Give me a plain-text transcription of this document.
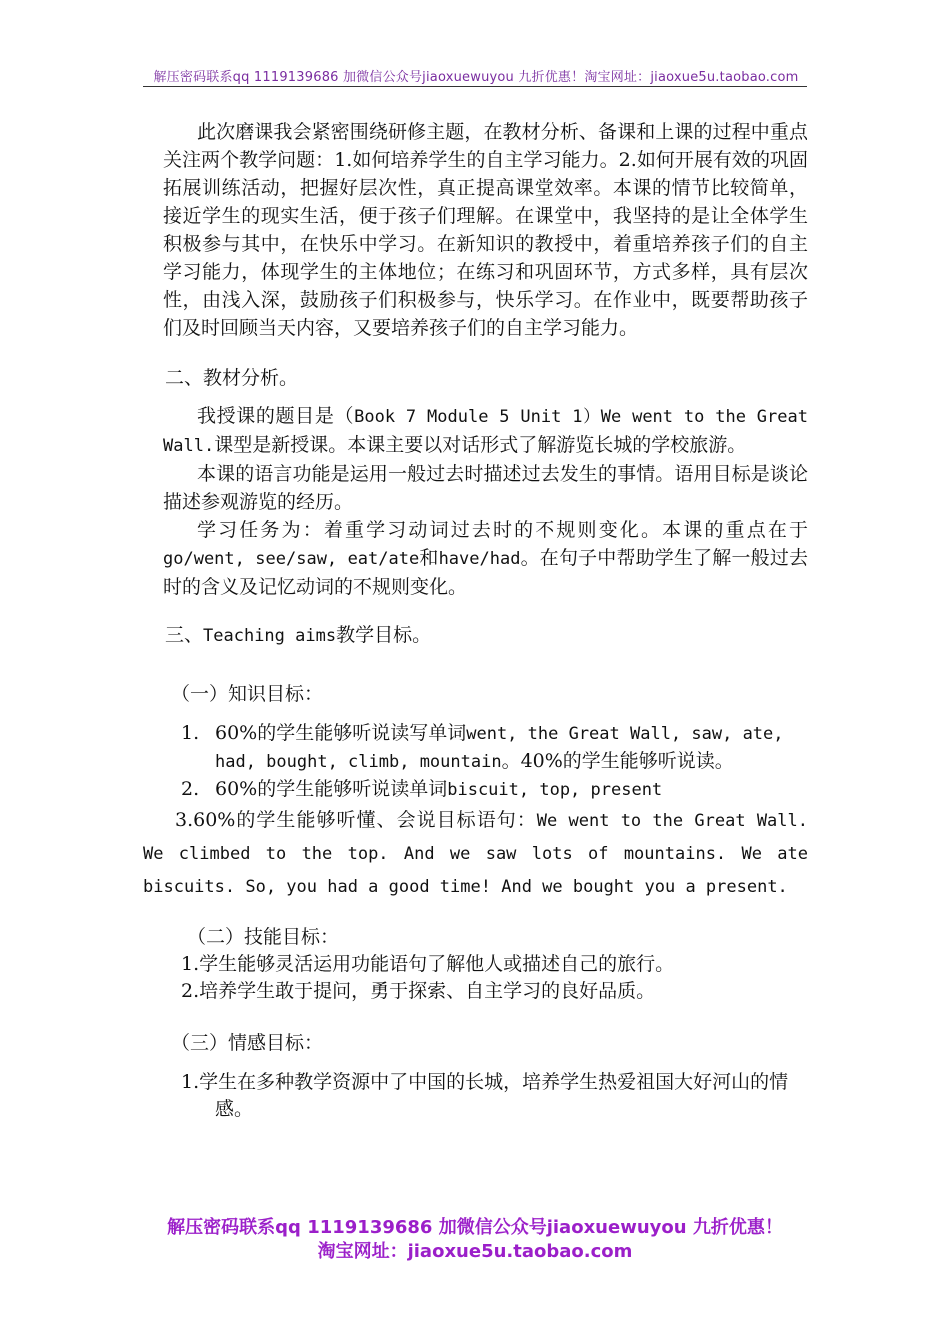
解压密码联系qq 1119139686 加微信公众号jiaoxuewuyou 九折优惠！淘宝网址：jiaoxue5u.taobao.com

此次磨课我会紧密围绕研修主题，在教材分析、备课和上课的过程中重点关注两个教学问题：1.如何培养学生的自主学习能力。2.如何开展有效的巩固拓展训练活动，把握好层次性，真正提高课堂效率。本课的情节比较简单，接近学生的现实生活，便于孩子们理解。在课堂中，我坚持的是让全体学生积极参与其中，在快乐中学习。在新知识的教授中，着重培养孩子们的自主学习能力，体现学生的主体地位；在练习和巩固环节，方式多样，具有层次性，由浅入深，鼓励孩子们积极参与，快乐学习。在作业中，既要帮助孩子们及时回顾当天内容，又要培养孩子们的自主学习能力。

二、教材分析。

我授课的题目是（Book 7 Module 5 Unit 1）We went to the Great Wall.课型是新授课。本课主要以对话形式了解游览长城的学校旅游。

本课的语言功能是运用一般过去时描述过去发生的事情。语用目标是谈论描述参观游览的经历。

学习任务为：着重学习动词过去时的不规则变化。本课的重点在于go/went, see/saw, eat/ate和have/had。在句子中帮助学生了解一般过去时的含义及记忆动词的不规则变化。

三、Teaching aims教学目标。

（一）知识目标：

1. 60%的学生能够听说读写单词went, the Great Wall, saw, ate, had, bought, climb, mountain。40%的学生能够听说读。

2. 60%的学生能够听说读单词biscuit, top, present

3.60%的学生能够听懂、会说目标语句：We went to the Great Wall. We climbed to the top. And we saw lots of mountains. We ate biscuits. So, you had a good time! And we bought you a present.

（二）技能目标：

1.学生能够灵活运用功能语句了解他人或描述自己的旅行。

2.培养学生敢于提问，勇于探索、自主学习的良好品质。

（三）情感目标：

1.学生在多种教学资源中了中国的长城，培养学生热爱祖国大好河山的情感。

解压密码联系qq 1119139686 加微信公众号jiaoxuewuyou 九折优惠！
淘宝网址：jiaoxue5u.taobao.com
